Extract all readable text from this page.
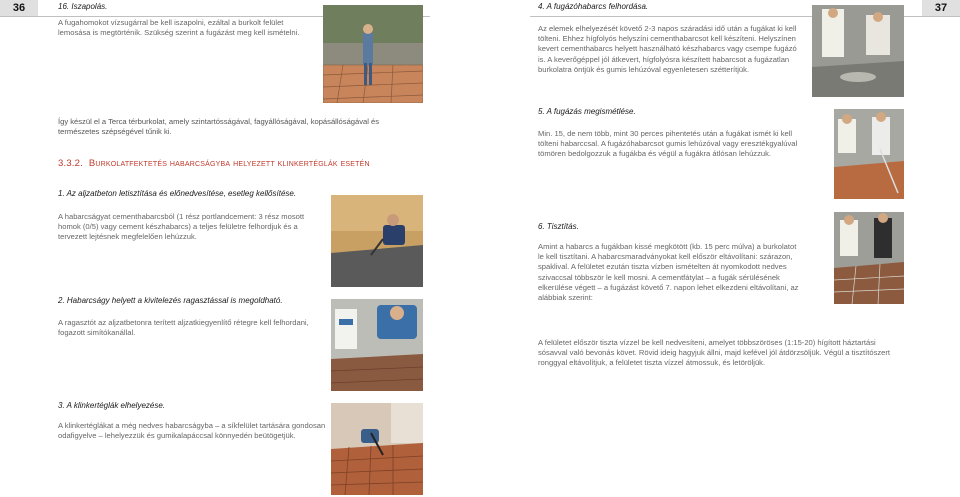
36	16. Iszapolás.
A fugahomokot vízsugárral be kell iszapolni, ezáltal a burkolt felület lemosása is megtörténik. Szükség szerint a fugázást meg kell ismételni.
Így készül el a Terca térburkolat, amely szintartósságával, fagyállóságával, kopásállóságával és természetes szépségével tűnik ki.
3.3.2. Burkolatfektetés habarcságyba helyezett klinkertéglák esetén
1. Az aljzatbeton letisztítása és előnedvesítése, esetleg kellősítése.
A habarcságyat cementhabarcsból (1 rész portlandcement: 3 rész mosott homok (0/5) vagy cement készhabarcs) a teljes felületre felhordjuk és a tervezett lejtésnek megfelelően lehúzzuk.
2. Habarcságy helyett a kivitelezés ragasztással is megoldható.
A ragasztót az aljzatbetonra terített aljzatkiegyenlítő rétegre kell felhordani, fogazott simítókanállal.
3. A klinkertéglák elhelyezése.
A klinkertéglákat a még nedves habarcságyba – a síkfelület tartására gondosan odafigyelve – lehelyezzük és gumikalapáccsal könnyedén beütögetjük.
37
4. A fugázóhabarcs felhordása.
Az elemek elhelyezését követő 2-3 napos száradási idő után a fugákat ki kell tölteni. Ehhez hígfolyós helyszíni cementhabarcsot kell készíteni. Helyszínen kevert cementhabarcs helyett használható készhabarcs vagy csempe fugázó is. A keverőgéppel jól átkevert, hígfolyósra készített habarcsot a fugázatlan burkolatra öntjük és gumis lehúzóval egyenletesen szétterítjük.
5. A fugázás megismétlése.
Min. 15, de nem több, mint 30 perces pihentetés után a fugákat ismét ki kell tölteni habarccsal. A fugázóhabarcsot gumis lehúzóval vagy eresztékgyalúval tömören bedolgozzuk a fugákba és végül a fugákra átlósan lehúzzuk.
6. Tisztítás.
Amint a habarcs a fugákban kissé megkötött (kb. 15 perc múlva) a burkolatot le kell tisztítani. A habarcsmaradványokat kell először eltávolítani: szárazon, spaklival. A felületet ezután tiszta vízben ismételten át nyomkodott nedves szivaccsal többször le kell mosni. A cementfátylat – a fugák sérülésének elkerülése végett – a fugázást követő 7. napon lehet elkezdeni eltávolítani, az alábbiak szerint:
A felületet először tiszta vízzel be kell nedvesíteni, amelyet többszöröses (1:15-20) hígított háztartási sósavval való bevonás követ. Rövid ideig hagyjuk állni, majd kefével jól átdörzsöljük. Végül a tisztítószert ronggyal eltávolítjuk, a felületet tiszta vízzel átmossuk, és letöröljük.
